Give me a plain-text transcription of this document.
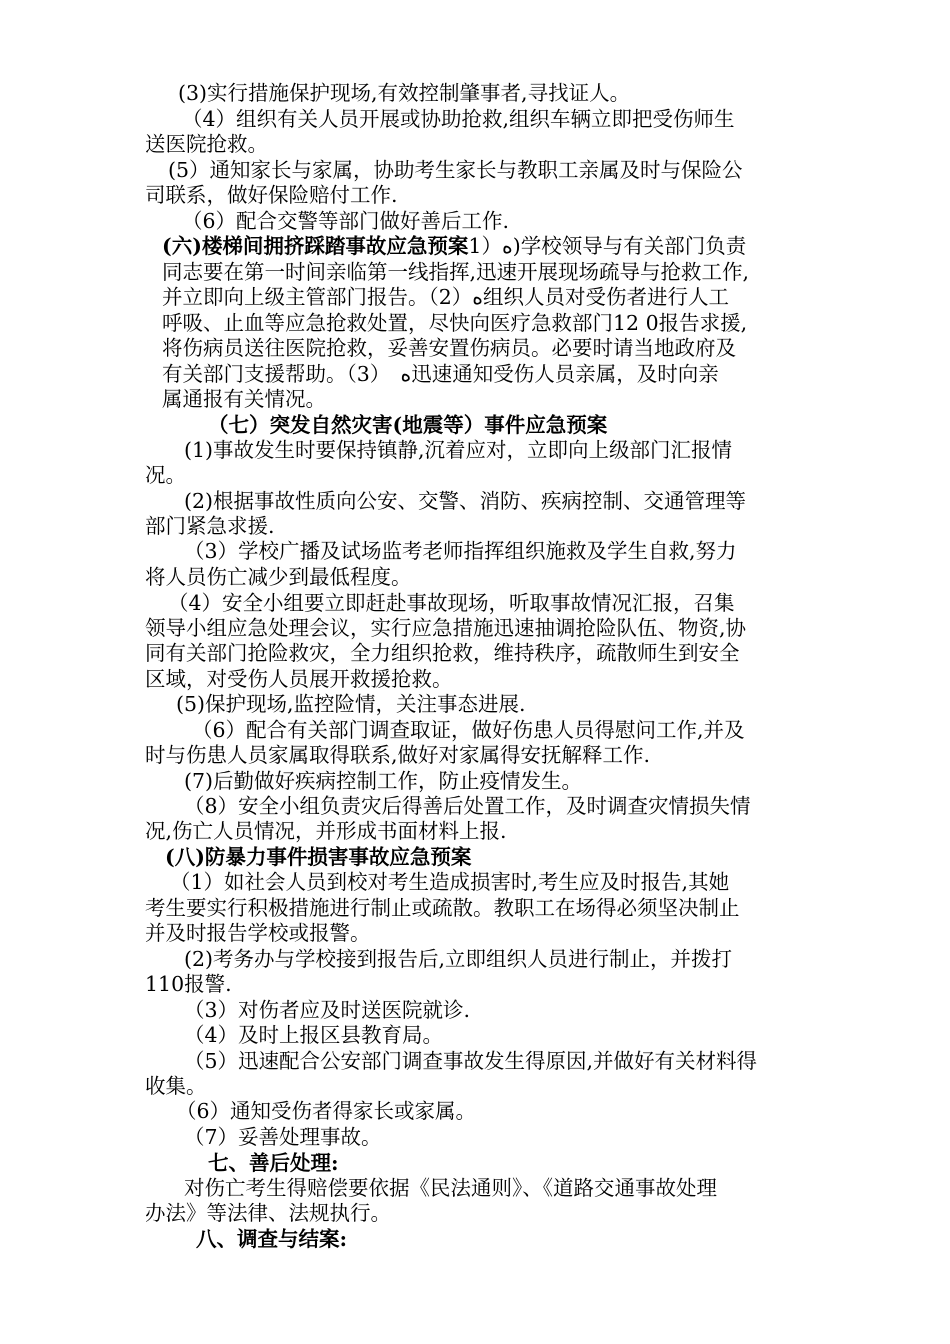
(3)实行措施保护现场,有效控制肇事者,寻找证人。
（4）组织有关人员开展或协助抢救,组织车辆立即把受伤师生
送医院抢救。
(5）通知家长与家属，协助考生家长与教职工亲属及时与保险公
司联系，做好保险赔付工作.
（6）配合交警等部门做好善后工作.
(六)楼梯间拥挤踩踏事故应急预案1）ﻩ)学校领导与有关部门负责
同志要在第一时间亲临第一线指挥,迅速开展现场疏导与抢救工作,
并立即向上级主管部门报告。（2）ﻩ组织人员对受伤者进行人工
呼吸、止血等应急抢救处置，尽快向医疗急救部门12 0报告求援,
将伤病员送往医院抢救，妥善安置伤病员。必要时请当地政府及
有关部门支援帮助。（3）　ﻩ迅速通知受伤人员亲属，及时向亲
属通报有关情况。
（七）突发自然灾害(地震等）事件应急预案
(1)事故发生时要保持镇静,沉着应对，立即向上级部门汇报情
况。
(2)根据事故性质向公安、交警、消防、疾病控制、交通管理等
部门紧急求援.
（3）学校广播及试场监考老师指挥组织施救及学生自救,努力
将人员伤亡减少到最低程度。
（4）安全小组要立即赶赴事故现场，听取事故情况汇报，召集
领导小组应急处理会议，实行应急措施迅速抽调抢险队伍、物资,协
同有关部门抢险救灾，全力组织抢救，维持秩序，疏散师生到安全
区域，对受伤人员展开救援抢救。
(5)保护现场,监控险情，关注事态进展.
（6）配合有关部门调查取证，做好伤患人员得慰问工作,并及
时与伤患人员家属取得联系,做好对家属得安抚解释工作.
(7)后勤做好疾病控制工作，防止疫情发生。
（8）安全小组负责灾后得善后处置工作，及时调查灾情损失情
况,伤亡人员情况，并形成书面材料上报.
(八)防暴力事件损害事故应急预案
（1）如社会人员到校对考生造成损害时,考生应及时报告,其她
考生要实行积极措施进行制止或疏散。教职工在场得必须坚决制止
并及时报告学校或报警。
(2)考务办与学校接到报告后,立即组织人员进行制止，并拨打
110报警.
（3）对伤者应及时送医院就诊.
（4）及时上报区县教育局。
（5）迅速配合公安部门调查事故发生得原因,并做好有关材料得
收集。
（6）通知受伤者得家长或家属。
（7）妥善处理事故。
七、善后处理:
对伤亡考生得赔偿要依据《民法通则》、《道路交通事故处理
办法》等法律、法规执行。
八、调查与结案:
